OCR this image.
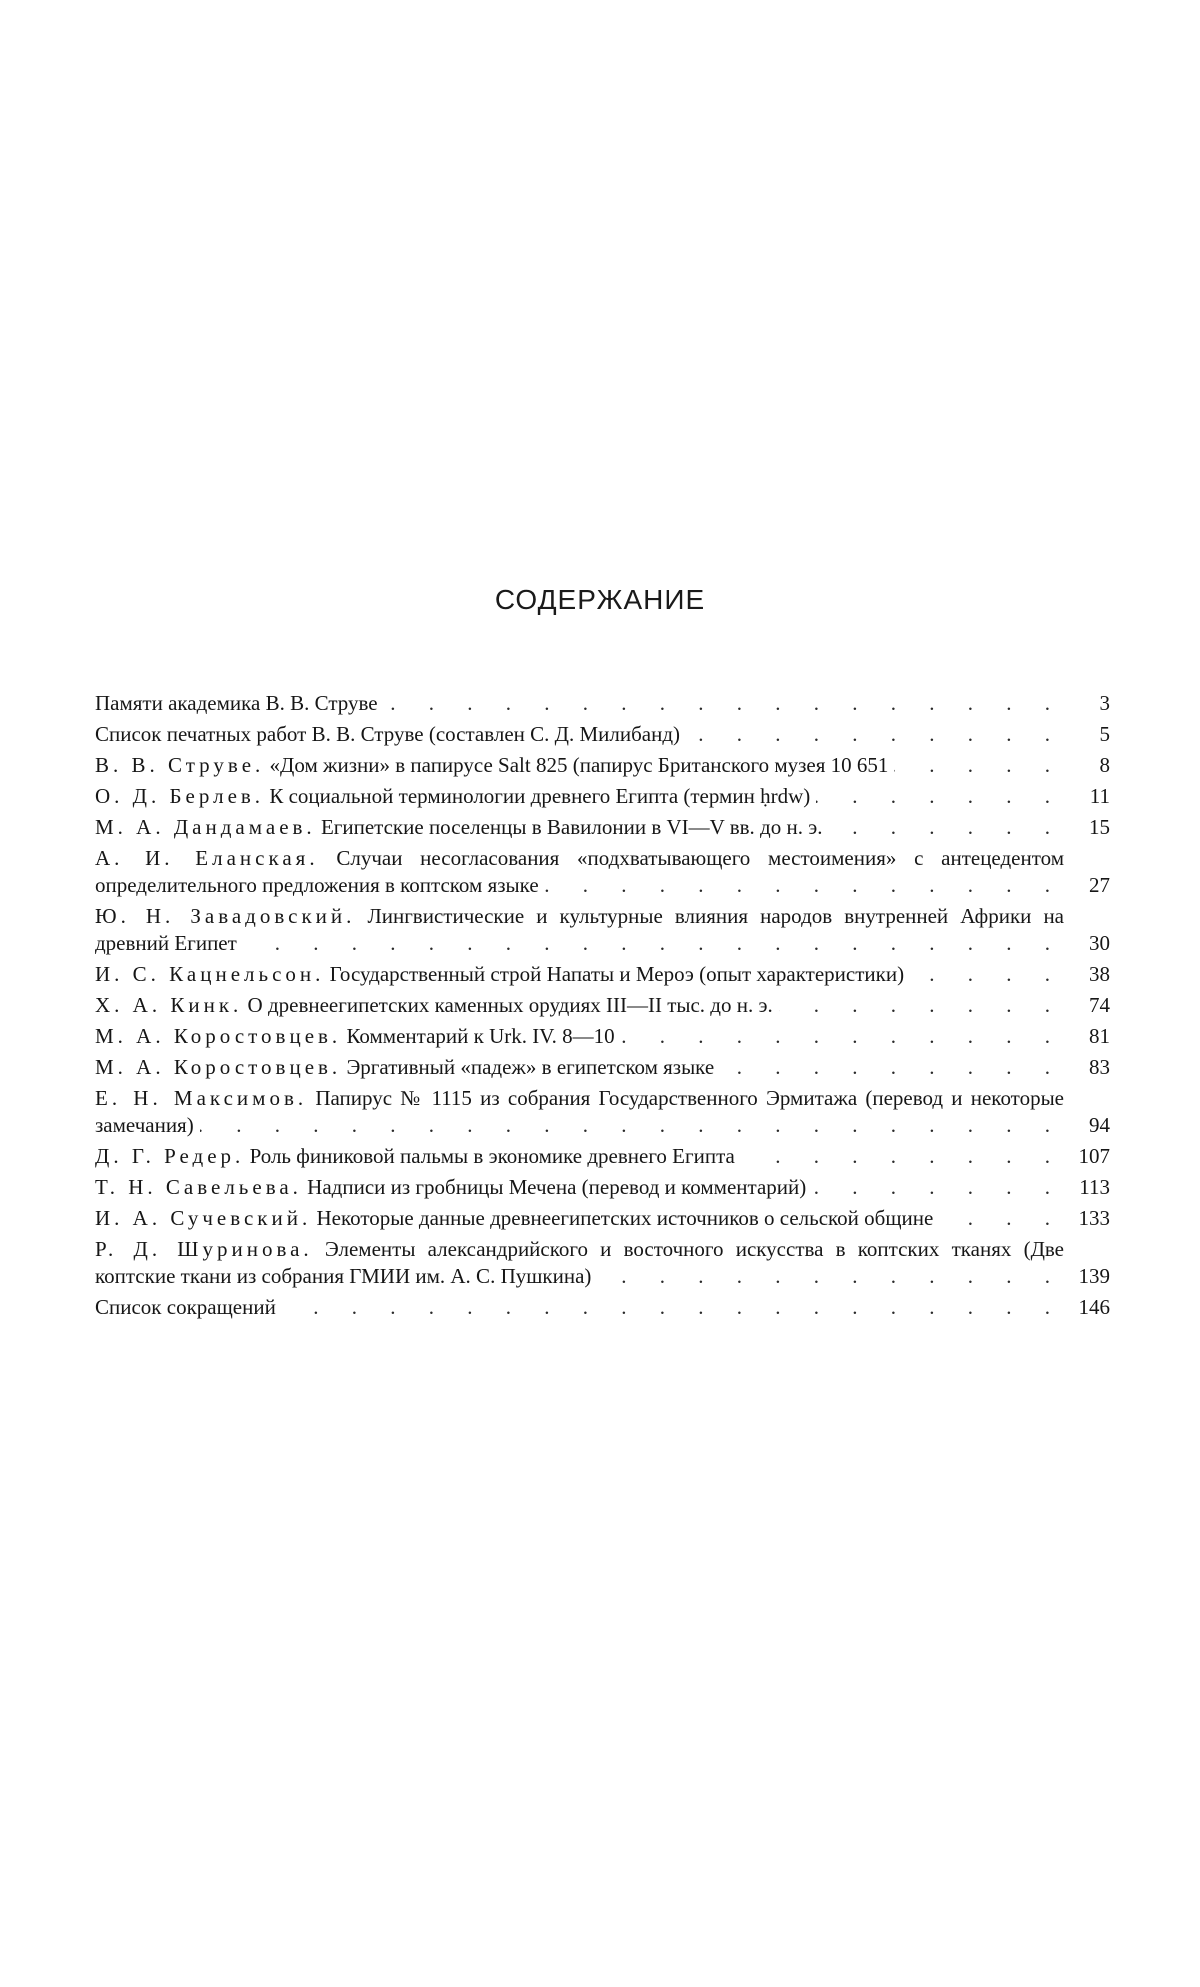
СОДЕРЖАНИЕ
. . .
Памяти академика В. В. Струве	3
. . .
Список печатных работ В. В. Струве (составлен С. Д. Милибанд)	5
. . .
В. В. Струве. «Дом жизни» в папирусе Salt 825 (папирус Британского музея 10 651	8
. . .
О. Д. Берлев. К социальной терминологии древнего Египта (термин ḥrdw)	11
. . .
М. А. Дандамаев. Египетские поселенцы в Вавилонии в VI—V вв. до н. э.	15
. . .
А. И. Еланская. Случаи несогласования «подхватывающего местоимения» с антецедентом определительного предложения в коптском языке	27
. . .
Ю. Н. Завадовский. Лингвистические и культурные влияния народов внутренней Африки на древний Египет	30
. . .
И. С. Кацнельсон. Государственный строй Напаты и Мероэ (опыт характеристики)	38
. . .
Х. А. Кинк. О древнеегипетских каменных орудиях III—II тыс. до н. э.	74
. . .
М. А. Коростовцев. Комментарий к Urk. IV. 8—10	81
. . .
М. А. Коростовцев. Эргативный «падеж» в египетском языке	83
. . .
Е. Н. Максимов. Папирус № 1115 из собрания Государственного Эрмитажа (перевод и некоторые замечания)	94
. . .
Д. Г. Редер. Роль финиковой пальмы в экономике древнего Египта	107
. . .
Т. Н. Савельева. Надписи из гробницы Мечена (перевод и комментарий)	113
. . .
И. А. Сучевский. Некоторые данные древнеегипетских источников о сельской общине	133
. . .
Р. Д. Шуринова. Элементы александрийского и восточного искусства в коптских тканях (Две коптские ткани из собрания ГМИИ им. А. С. Пушкина)	139
. . .
Список сокращений	146
